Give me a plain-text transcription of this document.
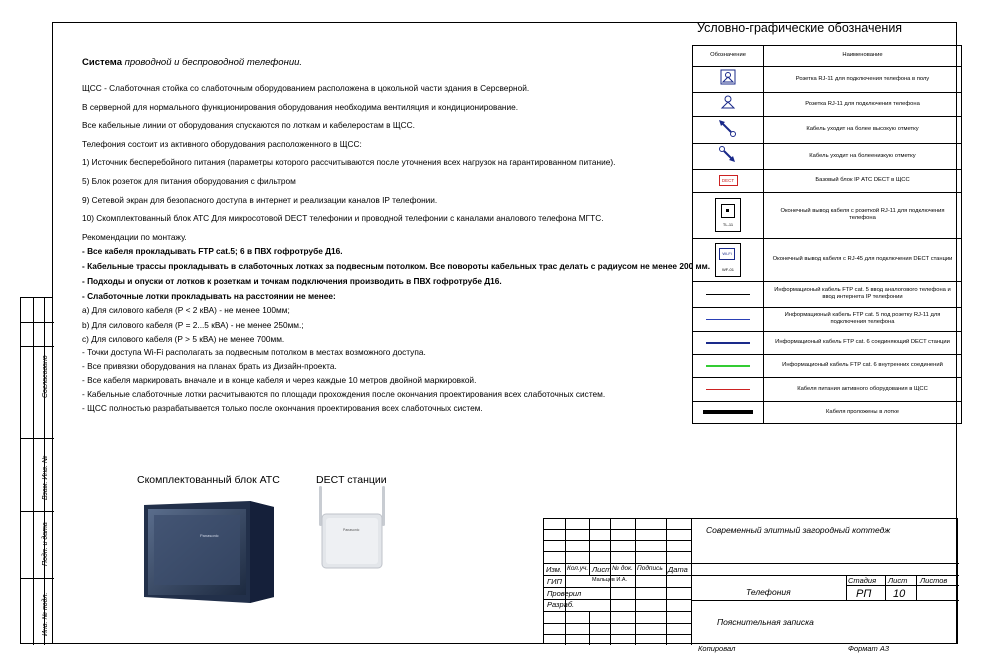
Согласовано
Взам. Инв. №
Подп. и дата
Инв. № подл.
Система проводной и беспроводной телефонии.
ЩСС - Слаботочная стойка со слаботочным оборудованием расположена в цокольной части здания в Серсверной.
В серверной для нормального функционирования оборудования необходима вентиляция и кондиционирование.
Все кабельные линии от оборудования спускаются по лоткам и кабелеростам в ЩСС.
Телефония состоит из активного оборудования расположенного в ЩСС:
1) Источник бесперебойного питания (параметры которого рассчитываются после уточнения всех нагрузок на гарантированном питание).
5) Блок розеток для питания оборудования с фильтром
9) Сетевой экран для безопасного доступа в интернет и реализации каналов IP телефонии.
10) Скомплектованный блок АТС Для микросотовой DECT телефонии и проводной телефонии с каналами аналового телефона МГТС.
Рекомендации по монтажу.
- Все кабеля прокладывать FTP cat.5; 6 в ПВХ гофротрубе Д16.
- Кабельные трассы прокладывать в слаботочных лотках за подвесным потолком. Все повороты кабельных трас делать с радиусом не менее 200 мм.
- Подходы и опуски от лотков к розеткам и точкам подключения производить в ПВХ гофротрубе Д16.
- Слаботочные лотки прокладывать на расстоянии не менее:
а) Для силового кабеля (Р < 2 кВА) - не менее 100мм;
b) Для силового кабеля (Р = 2...5 кВА) - не менее 250мм.;
c) Для силового кабеля (Р > 5 кВА) не менее 700мм.
- Точки доступа Wi-Fi располагать за подвесным потолком в местах возможного доступа.
- Все привязки оборудования на планах брать из Дизайн-проекта.
- Все кабеля маркировать вначале и в конце кабеля и через каждые 10 метров двойной маркировкой.
- Кабельные слаботочные лотки расчитываются по площади прохождения после окончания проектирования всех слаботочных систем.
- ЩСС полностью разрабатывается только после окончания проектирования всех слаботочных систем.
Условно-графические обозначения
Обозначение	Наименование
	Розетка RJ-11 для подключения телефона в полу
	Розетка RJ-11 для подключения телефона
	Кабель уходит на более высокую отметку
	Кабель уходит на болеенизкую отметку

DECT	Базовый блок IP АТС DECT в ЩСС

TL-11	Оконечный вывод кабеля с розеткой RJ-11 для подключения телефона

Wi-Fi
WF-01	Оконечный вывод кабеля с RJ-45 для подключения DECT станции

	Информационый кабель FTP cat. 5 ввод аналогового телефона и ввод интернета IP телефонии

	Информационый кабель FTP cat. 5 под розетку RJ-11 для подключения телефона

	Информационый кабель FTP cat. 6 соединяющий DECT станции

	Информационый кабель FTP cat. 6 внутренних соединений

	Кабеля питания активного оборудования в ЩСС

	Кабеля проложены в лотке
Скомплектованный блок АТС	DECT станции
Panasonic
Panasonic	Современный элитный загородный коттедж
Изм. Кол.уч. Лист № док. Подпись Дата
ГИП	Мальцев И.А.
Проверил
Разраб.
Телефония
Стадия Лист Листов
РП 10
Пояснительная записка
Копировал	Формат А3
